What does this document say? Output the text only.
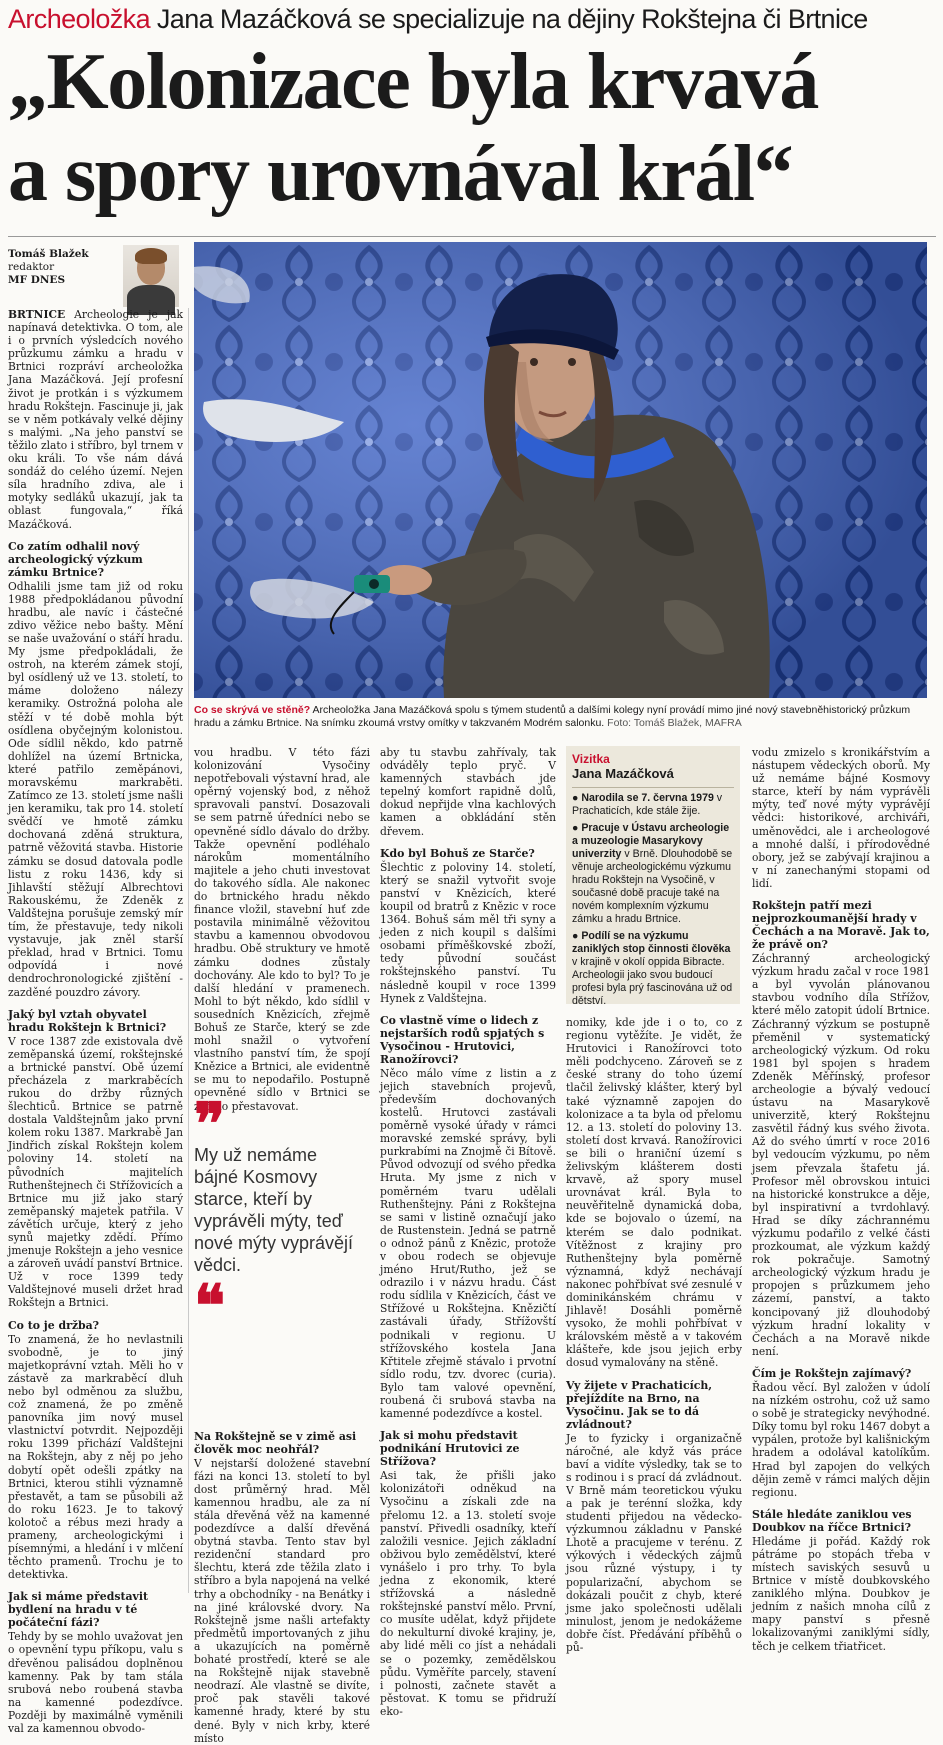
Archeoložka Jana Mazáčková se specializuje na dějiny Rokštejna či Brtnice
„Kolonizace byla krvavá
a spory urovnával král“
Tomáš Blažek
redaktor
MF DNES
Co se skrývá ve stěně? Archeoložka Jana Mazáčková spolu s týmem studentů a dalšími kolegy nyní provádí mimo jiné nový stavebněhistorický průzkum hradu a zámku Brtnice. Na snímku zkoumá vrstvy omítky v takzvaném Modrém salonku. Foto: Tomáš Blažek, MAFRA

BRTNICE Archeologie je jak napínavá detektivka. O tom, ale i o prvních výsledcích nového průzkumu zámku a hradu v Brtnici rozpráví archeoložka Jana Mazáčková. Její profesní život je protkán i s výzkumem hradu Rokštejn. Fascinuje ji, jak se v něm potkávaly velké dějiny s malými. „Na jeho panství se těžilo zlato i stříbro, byl trnem v oku králi. To vše nám dává sondáž do celého území. Nejen síla hradního zdiva, ale i motyky sedláků ukazují, jak ta oblast fungovala,“ říká Mazáčková.

Co zatím odhalil nový archeologický výzkum zámku Brtnice?

Odhalili jsme tam již od roku 1988 předpokládanou původní hradbu, ale navíc i částečné zdivo věžice nebo bašty. Mění se naše uvažování o stáří hradu. My jsme předpokládali, že ostroh, na kterém zámek stojí, byl osídlený už ve 13. století, to máme doloženo nálezy keramiky. Ostrožná poloha ale stěží v té době mohla být osídlena obyčejným kolonistou. Ode sídlil někdo, kdo patrně dohlížel na území Brtnicka, které patřilo zeměpánovi, moravskému markraběti. Zatímco ze 13. století jsme našli jen keramiku, tak pro 14. století svědčí ve hmotě zámku dochovaná zděná struktura, patrně věžovitá stavba. Historie zámku se dosud datovala podle listu z roku 1436, kdy si Jihlavští stěžují Albrechtovi Rakouskému, že Zdeněk z Valdštejna porušuje zemský mír tím, že přestavuje, tedy nikoli vystavuje, jak zněl starší překlad, hrad v Brtnici. Tomu odpovídá i nové dendrochronologické zjištění - zazděné pouzdro závory.

Jaký byl vztah obyvatel hradu Rokštejn k Brtnici?

V roce 1387 zde existovala dvě zeměpanská území, rokštejnské a brtnické panství. Obě území přecházela z markraběcích rukou do držby různých šlechticů. Brtnice se patrně dostala Valdštejnům jako první kolem roku 1387. Markrabě Jan Jindřich získal Rokštejn kolem poloviny 14. století na původních majitelích Ruthenštejnech či Střížovicích a Brtnice mu již jako starý zeměpanský majetek patřila. V závětích určuje, který z jeho synů majetky zdědí. Přímo jmenuje Rokštejn a jeho vesnice a zároveň uvádí panství Brtnice. Už v roce 1399 tedy Valdštejnové museli držet hrad Rokštejn a Brtnici.

Co to je držba?

To znamená, že ho nevlastnili svobodně, je to jiný majetkoprávní vztah. Měli ho v zástavě za markraběcí dluh nebo byl odměnou za službu, což znamená, že po změně panovníka jim nový musel vlastnictví potvrdit. Nejpozději roku 1399 přichází Valdštejni na Rokštejn, aby z něj po jeho dobytí opět odešli zpátky na Brtnici, kterou stihli významně přestavět, a tam se působili až do roku 1623. Je to takový kolotoč a rébus mezi hrady a prameny, archeologickými i písemnými, a hledání i v mlčení těchto pramenů. Trochu je to detektivka.

Jak si máme představit bydlení na hradu v té počáteční fázi?

Tehdy by se mohlo uvažovat jen o opevnění typu příkopu, valu s dřevěnou palisádou doplněnou kamenny. Pak by tam stála srubová nebo roubená stavba na kamenné podezdívce. Později by maximálně vyměnili val za kamennou obvodo-

vou hradbu. V této fázi kolonizování Vysočiny nepotřebovali výstavní hrad, ale opěrný vojenský bod, z něhož spravovali panství. Dosazovali se sem patrně úředníci nebo se opevněné sídlo dávalo do držby. Takže opevnění podléhalo nárokům momentálního majitele a jeho chuti investovat do takového sídla. Ale nakonec do brtnického hradu někdo finance vložil, stavební huť zde postavila minimálně věžovitou stavbu a kamennou obvodovou hradbu. Obě struktury ve hmotě zámku dodnes zůstaly dochovány. Ale kdo to byl? To je další hledání v pramenech. Mohl to být někdo, kdo sídlil v sousedních Knězicích, zřejmě Bohuš ze Starče, který se zde mohl snažil o vytvoření vlastního panství tím, že spojí Knězice a Brtnici, ale evidentně se mu to nepodařilo. Postupně opevněné sídlo v Brtnici se začalo přestavovat.

Na Rokštejně se v zimě asi člověk moc neohřál?

V nejstarší doložené stavební fázi na konci 13. století to byl dost průměrný hrad. Měl kamennou hradbu, ale za ní stála dřevěná věž na kamenné podezdívce a další dřevěná obytná stavba. Tento stav byl rezidenční standard pro šlechtu, která zde těžila zlato i stříbro a byla napojená na velké trhy a obchodníky - na Benátky i na jiné královské dvory. Na Rokštejně jsme našli artefakty předmětů importovaných z jihu a ukazujících na poměrně bohaté prostředí, které se ale na Rokštejně nijak stavebně neodrazí. Ale vlastně se divíte, proč pak stavěli takové kamenné hrady, které by stu dené. Byly v nich krby, které místo

❞
My už nemáme bájné Kosmovy starce, kteří by vyprávěli mýty, teď nové mýty vyprávějí vědci.
❝

aby tu stavbu zahřívaly, tak odváděly teplo pryč. V kamenných stavbách jde tepelný komfort rapidně dolů, dokud nepřijde vlna kachlových kamen a obkládání stěn dřevem.

Kdo byl Bohuš ze Starče?

Šlechtic z poloviny 14. století, který se snažil vytvořit svoje panství v Knězicích, které koupil od bratrů z Knězic v roce 1364. Bohuš sám měl tři syny a jeden z nich koupil s dalšími osobami příměškovské zboží, tedy původní součást rokštejnského panství. Tu následně koupil v roce 1399 Hynek z Valdštejna.

Co vlastně víme o lidech z nejstarších rodů spjatých s Vysočinou - Hrutovici, Ranožírovci?

Něco málo víme z listin a z jejich stavebních projevů, především dochovaných kostelů. Hrutovci zastávali poměrně vysoké úřady v rámci moravské zemské správy, byli purkrabími na Znojmě či Bítově. Původ odvozují od svého předka Hruta. My jsme z nich v poměrném tvaru udělali Ruthenštejny. Páni z Rokštejna se sami v listině označují jako de Rustenstein. Jedná se patrně o odnož pánů z Knězic, protože v obou rodech se objevuje jméno Hrut/Rutho, jež se odrazilo i v názvu hradu. Část rodu sídlila v Knězicích, část ve Střížové u Rokštejna. Knězičtí zastávali úřady, Střížovští podnikali v regionu. U střížovského kostela Jana Křtitele zřejmě stávalo i prvotní sídlo rodu, tzv. dvorec (curia). Bylo tam valové opevnění, roubená či srubová stavba na kamenné podezdívce a kostel.

Jak si mohu představit podnikání Hrutovici ze Střížova?

Asi tak, že přišli jako kolonizátoři odněkud na Vysočinu a získali zde na přelomu 12. a 13. století svoje panství. Přivedli osadníky, kteří založili vesnice. Jejich základní obživou bylo zemědělství, které vynášelo i pro trhy. To byla jedna z ekonomik, které střížovská a následně rokštejnské panství mělo. První, co musíte udělat, když přijdete do nekulturní divoké krajiny, je, aby lidé měli co jíst a nehádali se o pozemky, zemědělskou půdu. Vyměříte parcely, stavení i polnosti, začnete stavět a pěstovat. K tomu se přidruží eko-

Vizitka
Jana Mazáčková
● Narodila se 7. června 1979 v Prachaticích, kde stále žije.
● Pracuje v Ústavu archeologie a muzeologie Masarykovy univerzity v Brně. Dlouhodobě se věnuje archeologickému výzkumu hradu Rokštejn na Vysočině, v současné době pracuje také na novém komplexním výzkumu zámku a hradu Brtnice.
● Podílí se na výzkumu zaniklých stop činnosti člověka v krajině v okolí oppida Bibracte. Archeologii jako svou budoucí profesi byla prý fascinována už od dětství.

nomiky, kde jde i o to, co z regionu vytěžíte. Je vidět, že Hrutovici i Ranožírovci toto měli podchyceno. Zároveň se z české strany do toho území tlačil želivský klášter, který byl také významně zapojen do kolonizace a ta byla od přelomu 12. a 13. století do poloviny 13. století dost krvavá. Ranožírovici se bili o hraniční území s želivským klášterem dosti krvavě, až spory musel urovnávat král. Byla to neuvěřitelně dynamická doba, kde se bojovalo o území, na kterém se dalo podnikat. Vítěžnost z krajiny pro Ruthenštejny byla poměrně významná, když nechávají nakonec pohřbívat své zesnulé v dominikánském chrámu v Jihlavě! Dosáhli poměrně vysoko, že mohli pohřbívat v královském městě a v takovém klášteře, kde jsou jejich erby dosud vymalovány na stěně.

Vy žijete v Prachaticích, přejíždíte na Brno, na Vysočinu. Jak se to dá zvládnout?

Je to fyzicky i organizačně náročné, ale když vás práce baví a vidíte výsledky, tak se to s rodinou i s prací dá zvládnout. V Brně mám teoretickou výuku a pak je terénní složka, kdy studenti přijedou na vědecko-výzkumnou základnu v Panské Lhotě a pracujeme v terénu. Z výkových i vědeckých zájmů jsou různé výstupy, i ty popularizační, abychom se dokázali poučit z chyb, které jsme jako společnosti udělali minulost, jenom je nedokážeme dobře číst. Předávání příběhů o pů-

vodu zmizelo s kronikářstvím a nástupem vědeckých oborů. My už nemáme bájné Kosmovy starce, kteří by nám vyprávěli mýty, teď nové mýty vyprávějí vědci: historikové, archiváři, uměnovědci, ale i archeologové a mnohé další, i přírodovědné obory, jež se zabývají krajinou a v ní zanechanými stopami od lidí.

Rokštejn patří mezi nejprozkoumanější hrady v Čechách a na Moravě. Jak to, že právě on?

Záchranný archeologický výzkum hradu začal v roce 1981 a byl vyvolán plánovanou stavbou vodního díla Střížov, které mělo zatopit údolí Brtnice. Záchranný výzkum se postupně přeměnil v systematický archeologický výzkum. Od roku 1981 byl spojen s hradem Zdeněk Měřínský, profesor archeologie a bývalý vedoucí ústavu na Masarykově univerzitě, který Rokštejnu zasvětil řádný kus svého života. Až do svého úmrtí v roce 2016 byl vedoucím výzkumu, po něm jsem převzala štafetu já. Profesor měl obrovskou intuici na historické konstrukce a děje, byl inspirativní a tvrdohlavý. Hrad se díky záchrannému výzkumu podařilo z velké části prozkoumat, ale výzkum každý rok pokračuje. Samotný archeologický výzkum hradu je propojen s průzkumem jeho zázemí, panství, a takto koncipovaný již dlouhodobý výzkum hradní lokality v Čechách a na Moravě nikde není.

Čím je Rokštejn zajímavý?

Řadou věcí. Byl založen v údolí na nízkém ostrohu, což už samo o sobě je strategicky nevýhodné. Díky tomu byl roku 1467 dobyt a vypálen, protože byl kališnickým hradem a odolával katolíkům. Hrad byl zapojen do velkých dějin země v rámci malých dějin regionu.

Stále hledáte zaniklou ves Doubkov na říčce Brtnici?

Hledáme ji pořád. Každý rok pátráme po stopách třeba v místech saviských sesuvů u Brtnice v místě doubkovského zaniklého mlýna. Doubkov je jedním z našich mnoha cílů z mapy panství s přesně lokalizovanými zaniklými sídly, těch je celkem třiatřicet.
